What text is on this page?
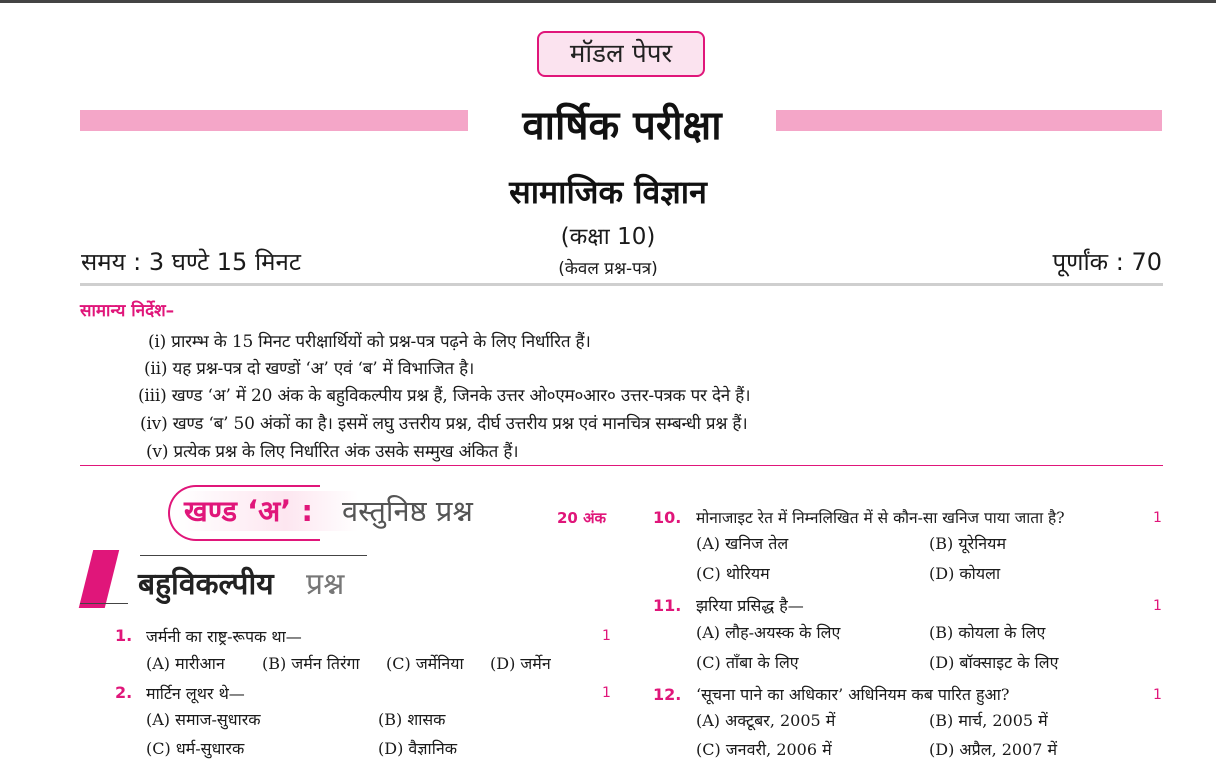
मॉडल पेपर
वार्षिक परीक्षा
सामाजिक विज्ञान
(कक्षा 10)
(केवल प्रश्न-पत्र)
समय : 3 घण्टे 15 मिनट	पूर्णांक : 70
सामान्य निर्देश–
(i) प्रारम्भ के 15 मिनट परीक्षार्थियों को प्रश्न-पत्र पढ़ने के लिए निर्धारित हैं।
(ii) यह प्रश्न-पत्र दो खण्डों ‘अ’ एवं ‘ब’ में विभाजित है।
(iii) खण्ड ‘अ’ में 20 अंक के बहुविकल्पीय प्रश्न हैं, जिनके उत्तर ओ०एम०आर० उत्तर-पत्रक पर देने हैं।
(iv) खण्ड ‘ब’ 50 अंकों का है। इसमें लघु उत्तरीय प्रश्न, दीर्घ उत्तरीय प्रश्न एवं मानचित्र सम्बन्धी प्रश्न हैं।
(v) प्रत्येक प्रश्न के लिए निर्धारित अंक उसके सम्मुख अंकित हैं।
खण्ड ‘अ’ : वस्तुनिष्ठ प्रश्न	20 अंक
बहुविकल्पीय प्रश्न
1. जर्मनी का राष्ट्र-रूपक था—	1
(A) मारीआन (B) जर्मन तिरंगा (C) जर्मेनिया (D) जर्मेन
2. मार्टिन लूथर थे—	1
(A) समाज-सुधारक	(B) शासक
(C) धर्म-सुधारक	(D) वैज्ञानिक
10. मोनाजाइट रेत में निम्नलिखित में से कौन-सा खनिज पाया जाता है?	1
(A) खनिज तेल	(B) यूरेनियम
(C) थोरियम	(D) कोयला
11. झरिया प्रसिद्ध है—	1
(A) लौह-अयस्क के लिए	(B) कोयला के लिए
(C) ताँबा के लिए	(D) बॉक्साइट के लिए
12. ‘सूचना पाने का अधिकार’ अधिनियम कब पारित हुआ?	1
(A) अक्टूबर, 2005 में	(B) मार्च, 2005 में
(C) जनवरी, 2006 में	(D) अप्रैल, 2007 में
